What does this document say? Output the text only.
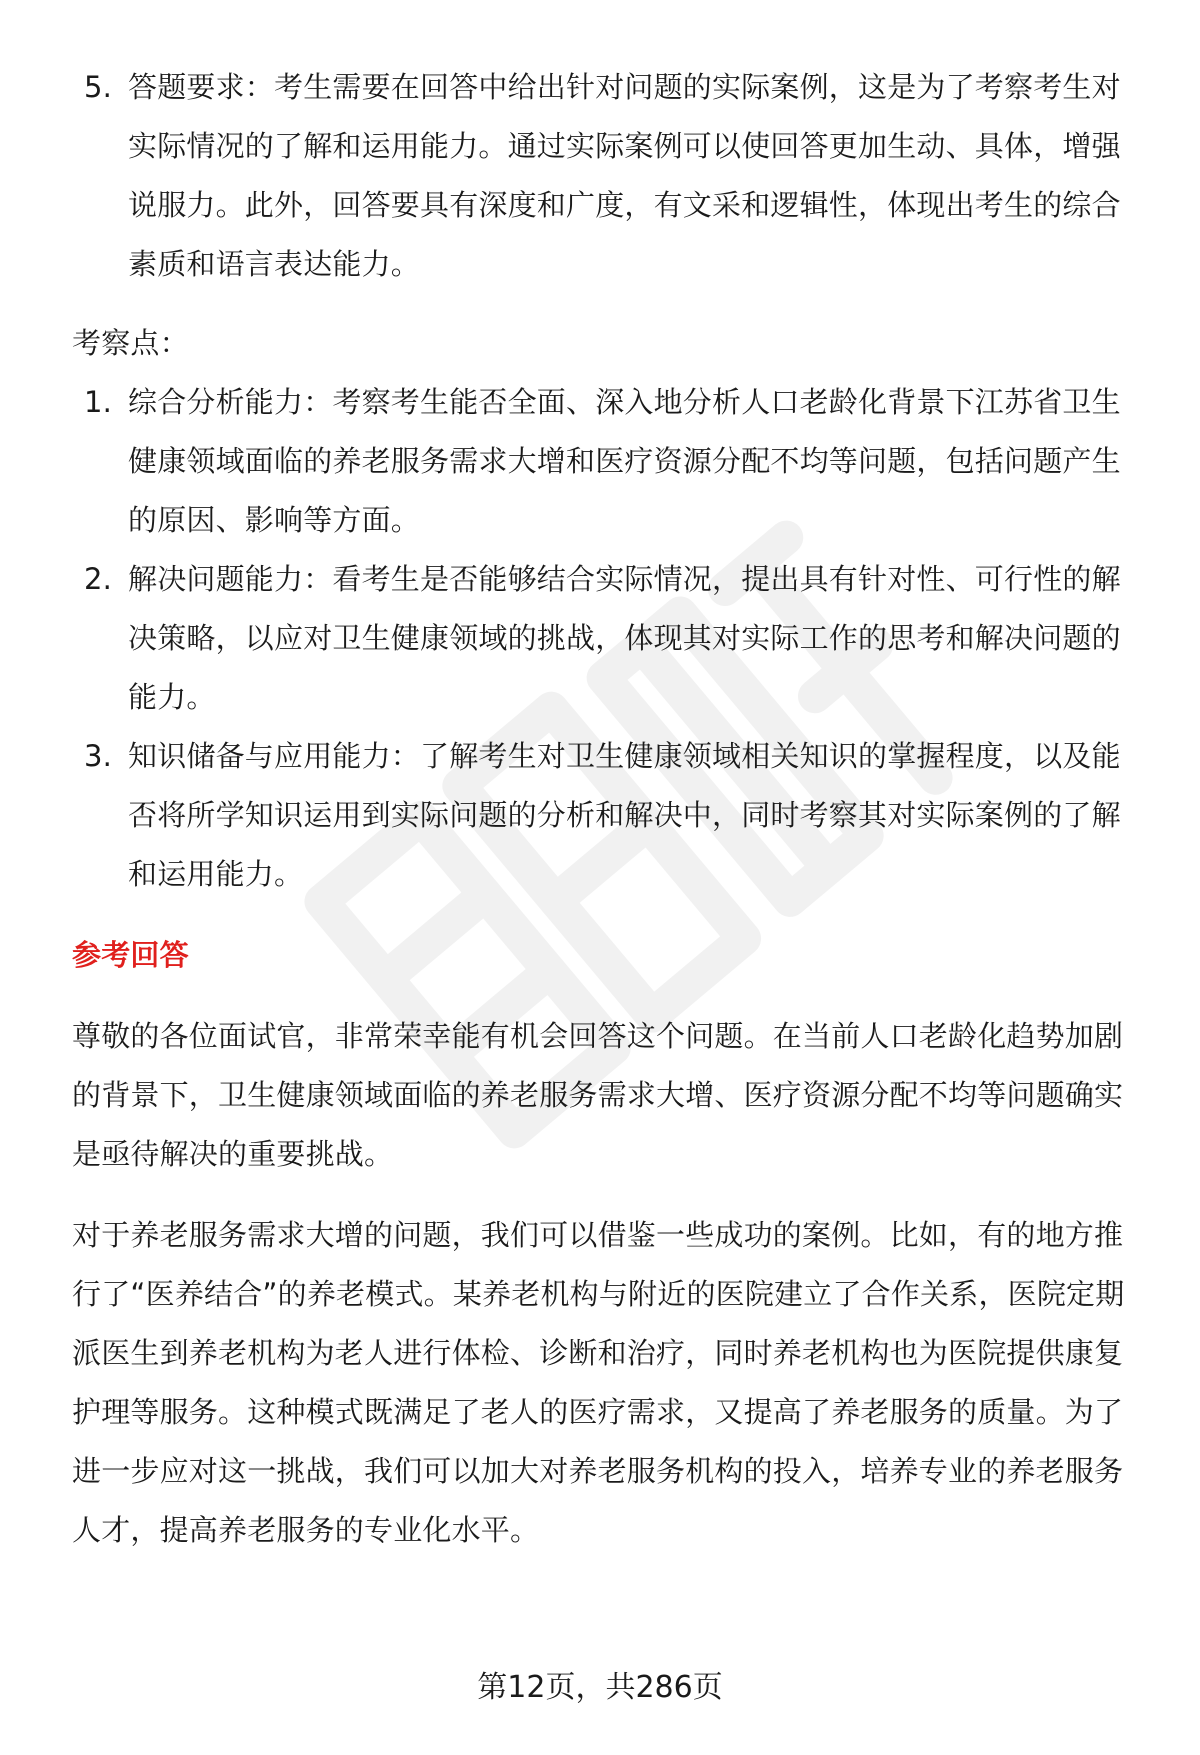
5. 答题要求：考生需要在回答中给出针对问题的实际案例，这是为了考察考生对实际情况的了解和运用能力。通过实际案例可以使回答更加生动、具体，增强说服力。此外，回答要具有深度和广度，有文采和逻辑性，体现出考生的综合素质和语言表达能力。
考察点：
1. 综合分析能力：考察考生能否全面、深入地分析人口老龄化背景下江苏省卫生健康领域面临的养老服务需求大增和医疗资源分配不均等问题，包括问题产生的原因、影响等方面。
2. 解决问题能力：看考生是否能够结合实际情况，提出具有针对性、可行性的解决策略，以应对卫生健康领域的挑战，体现其对实际工作的思考和解决问题的能力。
3. 知识储备与应用能力：了解考生对卫生健康领域相关知识的掌握程度，以及能否将所学知识运用到实际问题的分析和解决中，同时考察其对实际案例的了解和运用能力。
参考回答

尊敬的各位面试官，非常荣幸能有机会回答这个问题。在当前人口老龄化趋势加剧的背景下，卫生健康领域面临的养老服务需求大增、医疗资源分配不均等问题确实是亟待解决的重要挑战。

对于养老服务需求大增的问题，我们可以借鉴一些成功的案例。比如，有的地方推行了“医养结合”的养老模式。某养老机构与附近的医院建立了合作关系，医院定期派医生到养老机构为老人进行体检、诊断和治疗，同时养老机构也为医院提供康复护理等服务。这种模式既满足了老人的医疗需求，又提高了养老服务的质量。为了进一步应对这一挑战，我们可以加大对养老服务机构的投入，培养专业的养老服务人才，提高养老服务的专业化水平。

第12页，共286页
